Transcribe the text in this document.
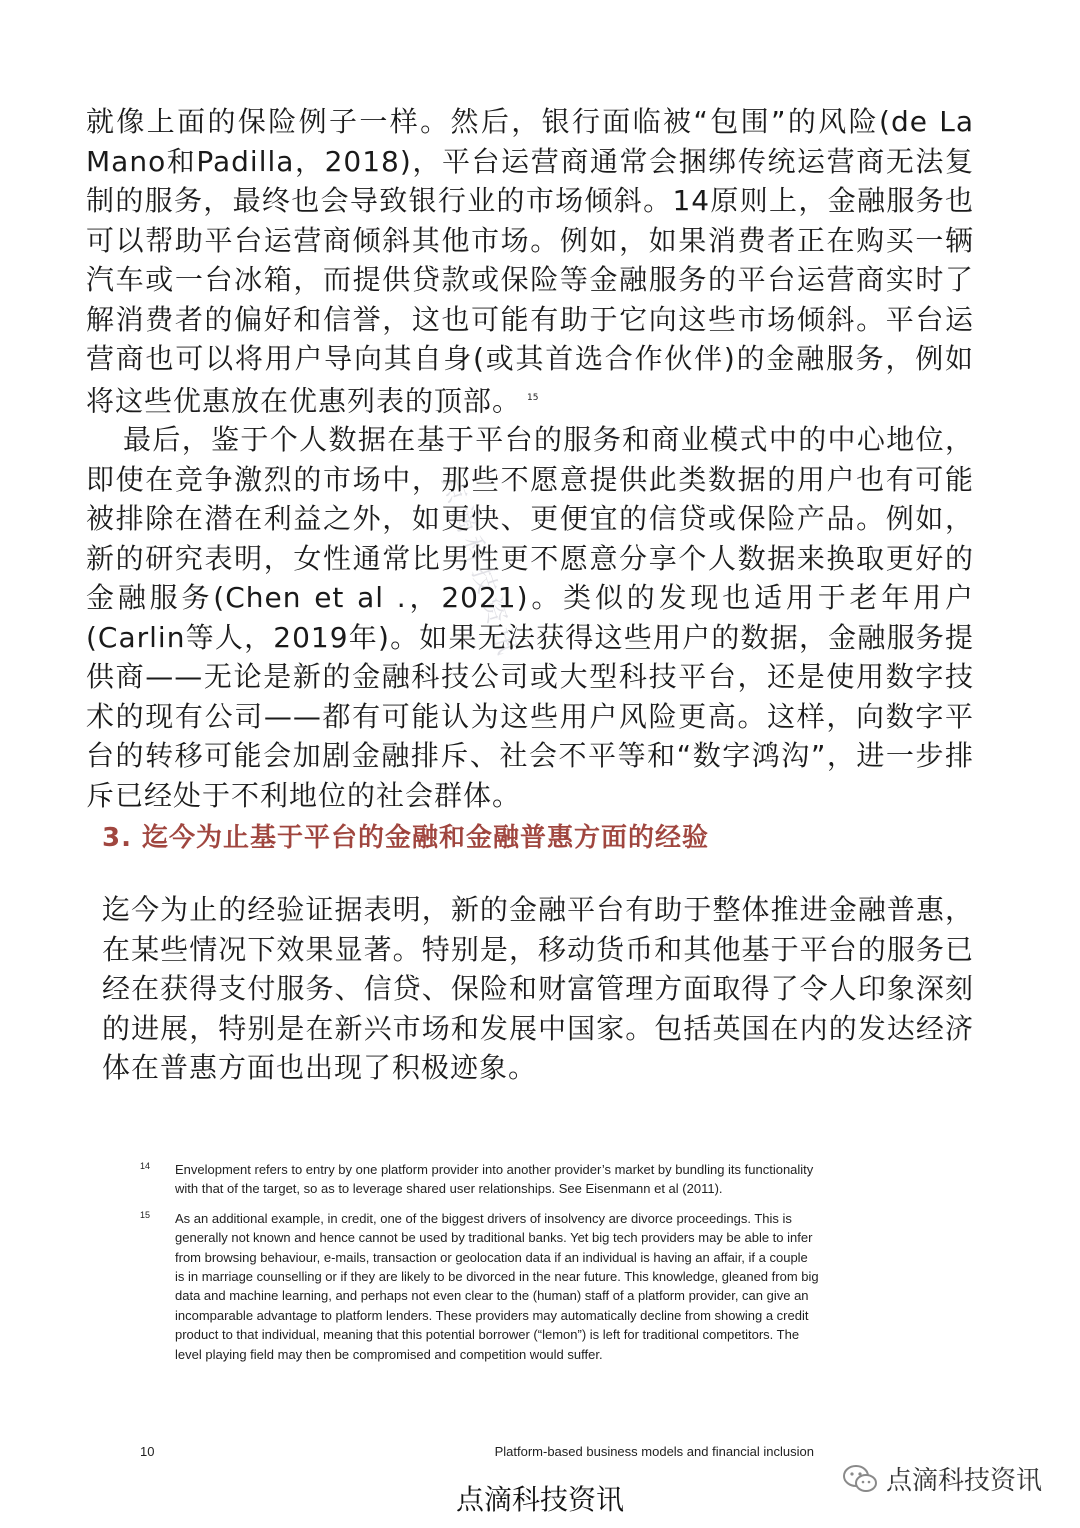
就像上面的保险例子一样。然后，银行面临被“包围”的风险(de La Mano和Padilla，2018)，平台运营商通常会捆绑传统运营商无法复制的服务，最终也会导致银行业的市场倾斜。14原则上，金融服务也可以帮助平台运营商倾斜其他市场。例如，如果消费者正在购买一辆汽车或一台冰箱，而提供贷款或保险等金融服务的平台运营商实时了解消费者的偏好和信誉，这也可能有助于它向这些市场倾斜。平台运营商也可以将用户导向其自身(或其首选合作伙伴)的金融服务，例如将这些优惠放在优惠列表的顶部。 $^{15}$

点滴科技资讯

最后，鉴于个人数据在基于平台的服务和商业模式中的中心地位，即使在竞争激烈的市场中，那些不愿意提供此类数据的用户也有可能被排除在潜在利益之外，如更快、更便宜的信贷或保险产品。例如，新的研究表明，女性通常比男性更不愿意分享个人数据来换取更好的金融服务(Chen et al .，2021)。类似的发现也适用于老年用户(Carlin等人，2019年)。如果无法获得这些用户的数据，金融服务提供商——无论是新的金融科技公司或大型科技平台，还是使用数字技术的现有公司——都有可能认为这些用户风险更高。这样，向数字平台的转移可能会加剧金融排斥、社会不平等和“数字鸿沟”，进一步排斥已经处于不利地位的社会群体。

3. 迄今为止基于平台的金融和金融普惠方面的经验

迄今为止的经验证据表明，新的金融平台有助于整体推进金融普惠，在某些情况下效果显著。特别是，移动货币和其他基于平台的服务已经在获得支付服务、信贷、保险和财富管理方面取得了令人印象深刻的进展，特别是在新兴市场和发展中国家。包括英国在内的发达经济体在普惠方面也出现了积极迹象。

14	Envelopment refers to entry by one platform provider into another provider’s market by bundling its functionality with that of the target, so as to leverage shared user relationships. See Eisenmann et al (2011).

15	As an additional example, in credit, one of the biggest drivers of insolvency are divorce proceedings. This is generally not known and hence cannot be used by traditional banks. Yet big tech providers may be able to infer from browsing behaviour, e-mails, transaction or geolocation data if an individual is having an affair, if a couple is in marriage counselling or if they are likely to be divorced in the near future. This knowledge, gleaned from big data and machine learning, and perhaps not even clear to the (human) staff of a platform provider, can give an incomparable advantage to platform lenders. These providers may automatically decline from showing a credit product to that individual, meaning that this potential borrower (“lemon”) is left for traditional competitors. The level playing field may then be compromised and competition would suffer.

10	Platform-based business models and financial inclusion
点滴科技资讯
点滴科技资讯
